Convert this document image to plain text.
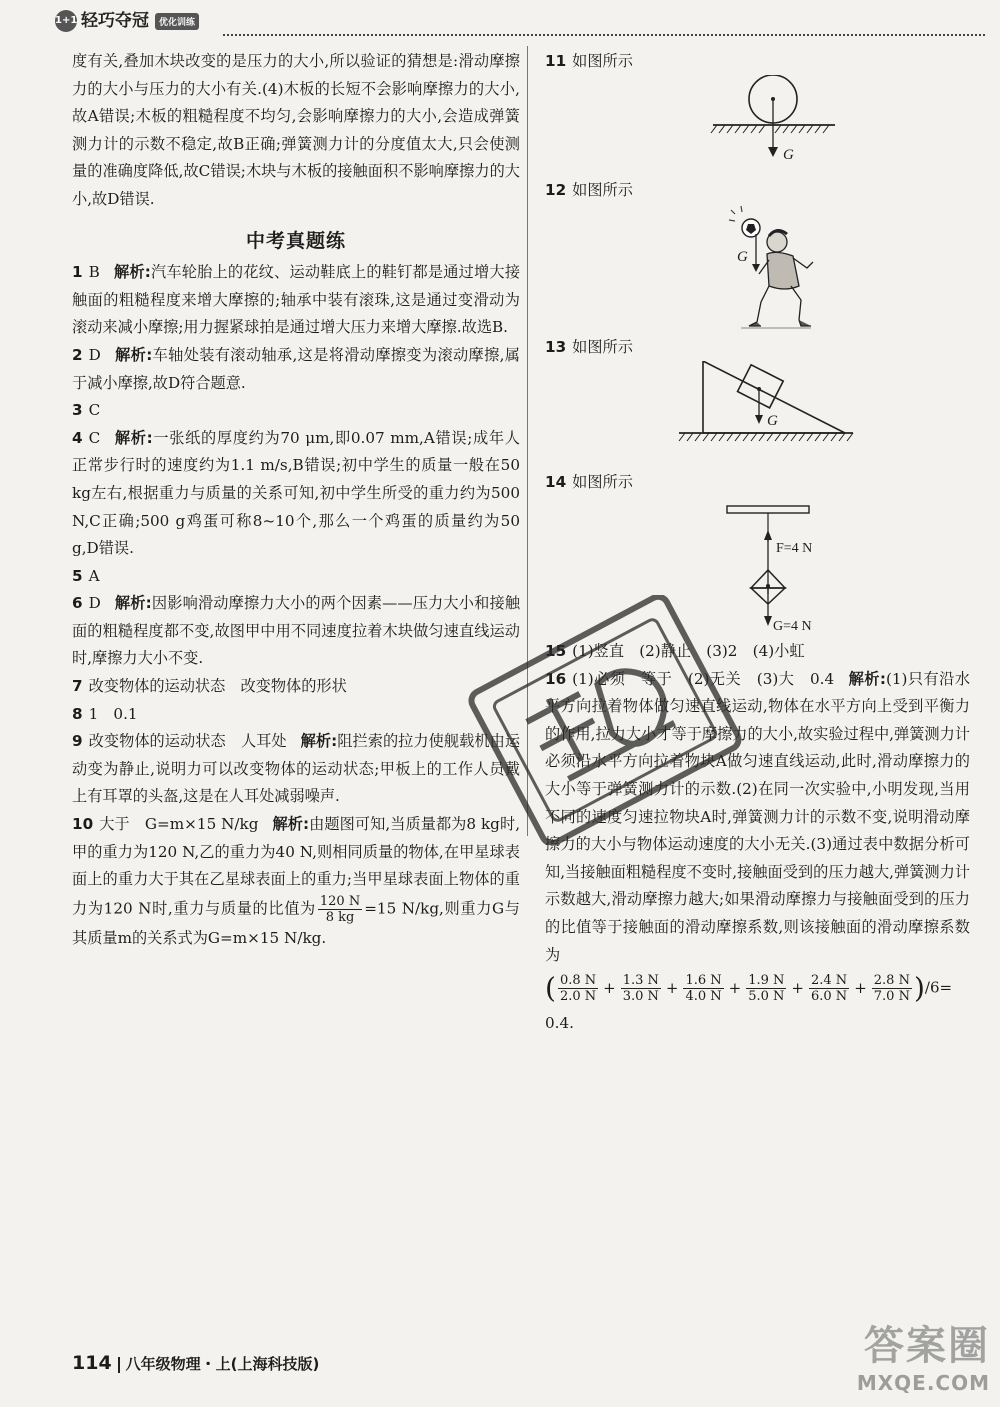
1+1 轻巧夺冠 优化训练

度有关,叠加木块改变的是压力的大小,所以验证的猜想是:滑动摩擦力的大小与压力的大小有关.(4)木板的长短不会影响摩擦力的大小,故A错误;木板的粗糙程度不均匀,会影响摩擦力的大小,会造成弹簧测力计的示数不稳定,故B正确;弹簧测力计的分度值太大,只会使测量的准确度降低,故C错误;木块与木板的接触面积不影响摩擦力的大小,故D错误.

中考真题练

1 B 解析:汽车轮胎上的花纹、运动鞋底上的鞋钉都是通过增大接触面的粗糙程度来增大摩擦的;轴承中装有滚珠,这是通过变滑动为滚动来减小摩擦;用力握紧球拍是通过增大压力来增大摩擦.故选B.

2 D 解析:车轴处装有滚动轴承,这是将滑动摩擦变为滚动摩擦,属于减小摩擦,故D符合题意.

3 C

4 C 解析:一张纸的厚度约为70 μm,即0.07 mm,A错误;成年人正常步行时的速度约为1.1 m/s,B错误;初中学生的质量一般在50 kg左右,根据重力与质量的关系可知,初中学生所受的重力约为500 N,C正确;500 g鸡蛋可称8~10个,那么一个鸡蛋的质量约为50 g,D错误.

5 A

6 D 解析:因影响滑动摩擦力大小的两个因素——压力大小和接触面的粗糙程度都不变,故图甲中用不同速度拉着木块做匀速直线运动时,摩擦力大小不变.

7 改变物体的运动状态　改变物体的形状

8 1　0.1

9 改变物体的运动状态　人耳处 解析:阻拦索的拉力使舰载机由运动变为静止,说明力可以改变物体的运动状态;甲板上的工作人员戴上有耳罩的头盔,这是在人耳处减弱噪声.

10 大于　G=m×15 N/kg 解析:由题图可知,当质量都为8 kg时,甲的重力为120 N,乙的重力为40 N,则相同质量的物体,在甲星球表面上的重力大于其在乙星球表面上的重力;当甲星球表面上物体的重力为120 N时,重力与质量的比值为 $\frac{120 N}{8 kg} =15$ N/kg,则重力G与其质量m的关系式为G=m×15 N/kg.

11 如图所示
G
12 如图所示
G
13 如图所示
G
14 如图所示
F=4 N
G=4 N

15 (1)竖直　(2)静止　(3)2　(4)小虹

16 (1)必须　等于　(2)无关　(3)大　0.4 解析:(1)只有沿水平方向拉着物体做匀速直线运动,物体在水平方向上受到平衡力的作用,拉力大小才等于摩擦力的大小,故实验过程中,弹簧测力计必须沿水平方向拉着物块A做匀速直线运动,此时,滑动摩擦力的大小等于弹簧测力计的示数.(2)在同一次实验中,小明发现,当用不同的速度匀速拉物块A时,弹簧测力计的示数不变,说明滑动摩擦力的大小与物体运动速度的大小无关.(3)通过表中数据分析可知,当接触面粗糙程度不变时,接触面受到的压力越大,弹簧测力计示数越大,滑动摩擦力越大;如果滑动摩擦力与接触面受到的压力的比值等于接触面的滑动摩擦系数,则该接触面的滑动摩擦系数为

( $\frac{0.8 N}{2.0 N} + \frac{1.3 N}{3.0 N} + \frac{1.6 N}{4.0 N} + \frac{1.9 N}{5.0 N} + \frac{2.4 N}{6.0 N} + \frac{2.8 N}{7.0 N} )/6=$
0.4.
114 八年级物理・上(上海科技版)	答案圈
MXQE.COM
